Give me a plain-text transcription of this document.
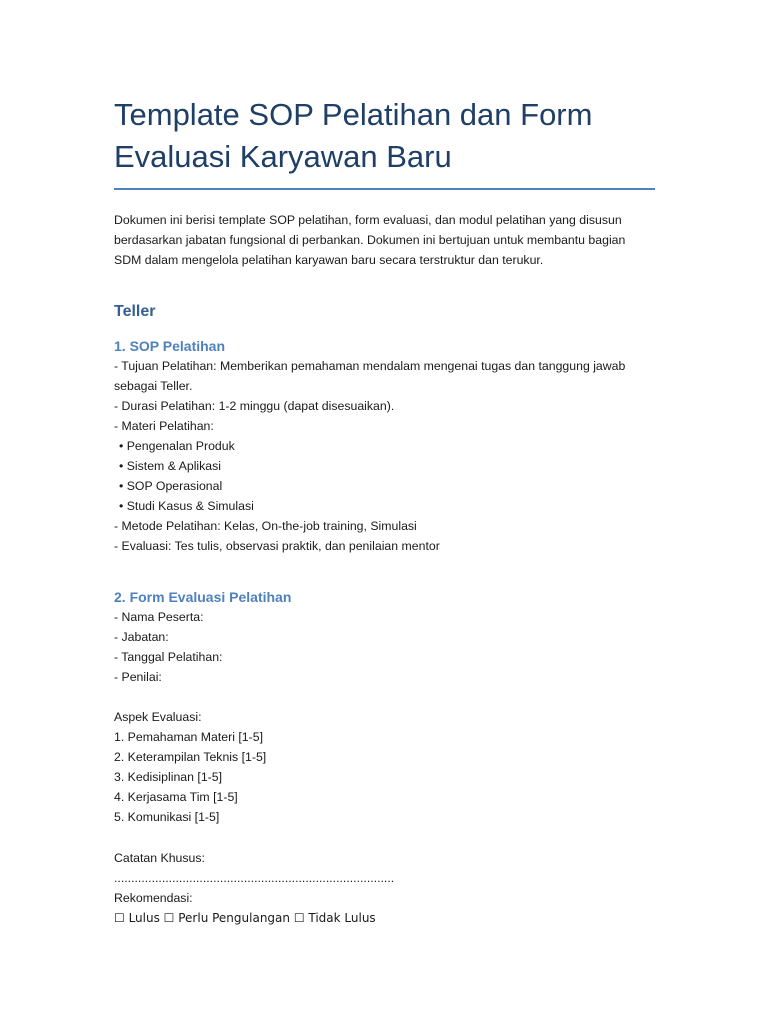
Template SOP Pelatihan dan Form
Evaluasi Karyawan Baru
Dokumen ini berisi template SOP pelatihan, form evaluasi, dan modul pelatihan yang disusun
berdasarkan jabatan fungsional di perbankan. Dokumen ini bertujuan untuk membantu bagian
SDM dalam mengelola pelatihan karyawan baru secara terstruktur dan terukur.
Teller
1. SOP Pelatihan
- Tujuan Pelatihan: Memberikan pemahaman mendalam mengenai tugas dan tanggung jawab
sebagai Teller.
- Durasi Pelatihan: 1-2 minggu (dapat disesuaikan).
- Materi Pelatihan:
• Pengenalan Produk
• Sistem & Aplikasi
• SOP Operasional
• Studi Kasus & Simulasi
- Metode Pelatihan: Kelas, On-the-job training, Simulasi
- Evaluasi: Tes tulis, observasi praktik, dan penilaian mentor
2. Form Evaluasi Pelatihan
- Nama Peserta:
- Jabatan:
- Tanggal Pelatihan:
- Penilai:
Aspek Evaluasi:
1. Pemahaman Materi [1-5]
2. Keterampilan Teknis [1-5]
3. Kedisiplinan [1-5]
4. Kerjasama Tim [1-5]
5. Komunikasi [1-5]
Catatan Khusus:
..................................................................................
Rekomendasi:
☐ Lulus ☐ Perlu Pengulangan ☐ Tidak Lulus
